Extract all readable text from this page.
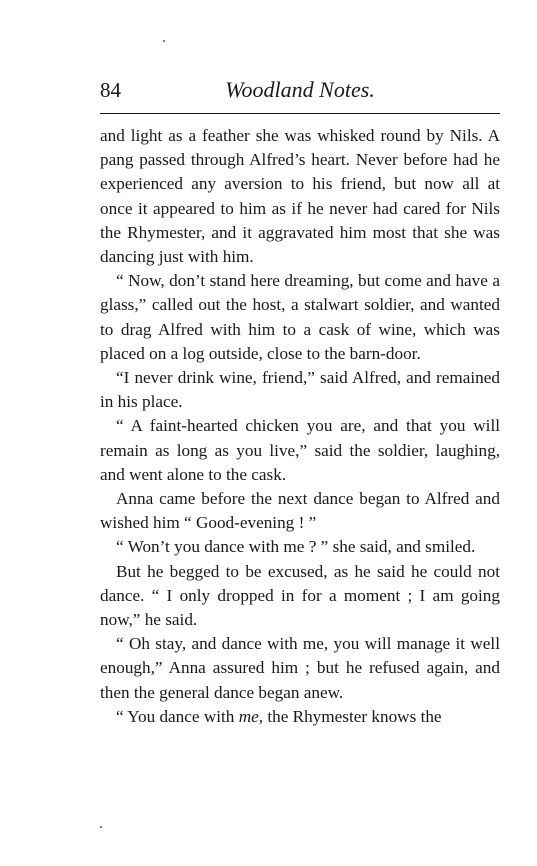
84	Woodland Notes.

and light as a feather she was whisked round by Nils. A pang passed through Alfred’s heart. Never before had he experienced any aversion to his friend, but now all at once it appeared to him as if he never had cared for Nils the Rhymester, and it aggravated him most that she was dancing just with him.

“ Now, don’t stand here dreaming, but come and have a glass,” called out the host, a stalwart soldier, and wanted to drag Alfred with him to a cask of wine, which was placed on a log outside, close to the barn-door.

“I never drink wine, friend,” said Alfred, and remained in his place.

“ A faint-hearted chicken you are, and that you will remain as long as you live,” said the soldier, laughing, and went alone to the cask.

Anna came before the next dance began to Alfred and wished him “ Good-evening ! ”

“ Won’t you dance with me ? ” she said, and smiled.

But he begged to be excused, as he said he could not dance. “ I only dropped in for a moment ; I am going now,” he said.

“ Oh stay, and dance with me, you will manage it well enough,” Anna assured him ; but he refused again, and then the general dance began anew.

“ You dance with me, the Rhymester knows the
